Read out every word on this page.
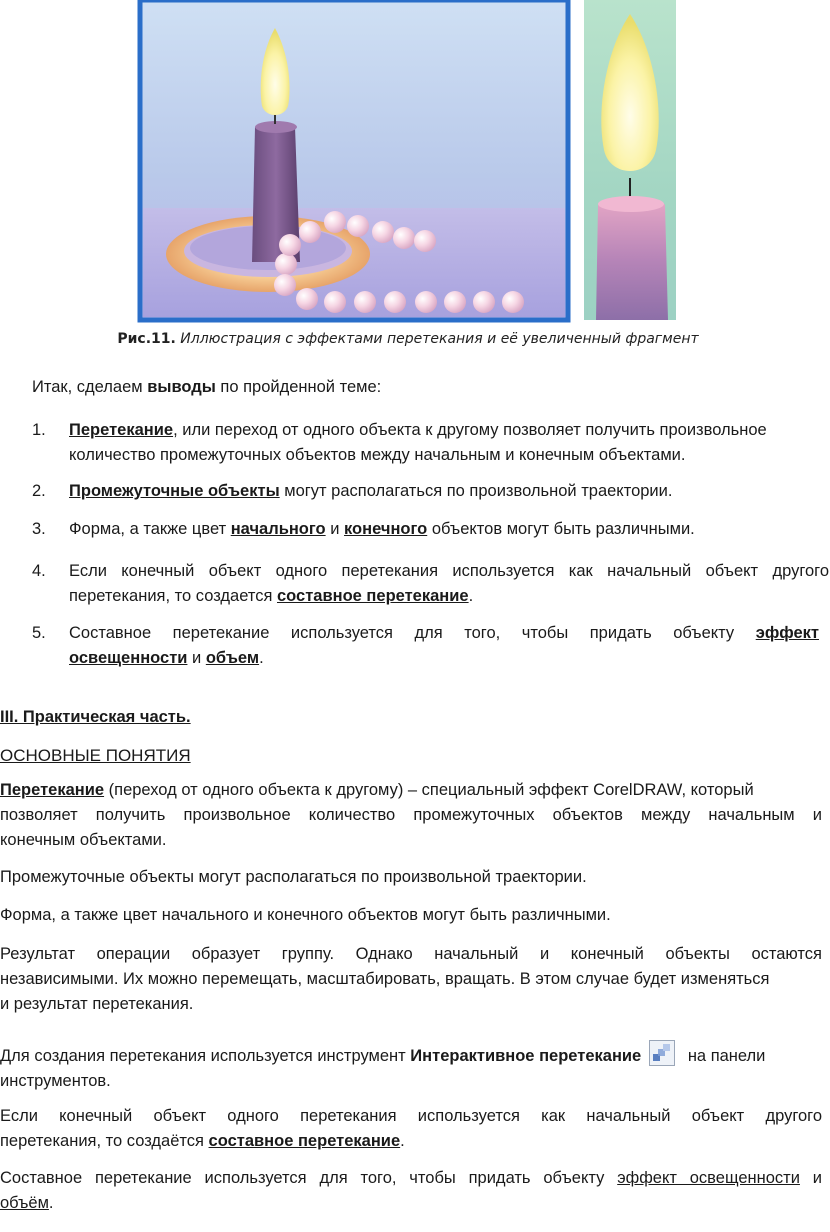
Рис.11. Иллюстрация с эффектами перетекания и её увеличенный фрагмент
Итак, сделаем выводы по пройденной теме:
1. Перетекание, или переход от одного объекта к другому позволяет получить произвольное
количество промежуточных объектов между начальным и конечным объектами.
2. Промежуточные объекты могут располагаться по произвольной траектории.
3. Форма, а также цвет начального и конечного объектов могут быть различными.
4. Если конечный объект одного перетекания используется как начальный объект другого
перетекания, то создается составное перетекание.
5. Составное перетекание используется для того, чтобы придать объекту эффект
освещенности и объем.
III. Практическая часть.
ОСНОВНЫЕ ПОНЯТИЯ
Перетекание (переход от одного объекта к другому) – специальный эффект CorelDRAW, который
позволяет получить произвольное количество промежуточных объектов между начальным и
конечным объектами.
Промежуточные объекты могут располагаться по произвольной траектории.
Форма, а также цвет начального и конечного объектов могут быть различными.
Результат операции образует группу. Однако начальный и конечный объекты остаются
независимыми. Их можно перемещать, масштабировать, вращать. В этом случае будет изменяться
и результат перетекания.
Для создания перетекания используется инструмент Интерактивное перетекание	на панели
инструментов.
Если конечный объект одного перетекания используется как начальный объект другого
перетекания, то создаётся составное перетекание.
Составное перетекание используется для того, чтобы придать объекту эффект освещенности и
объём.
